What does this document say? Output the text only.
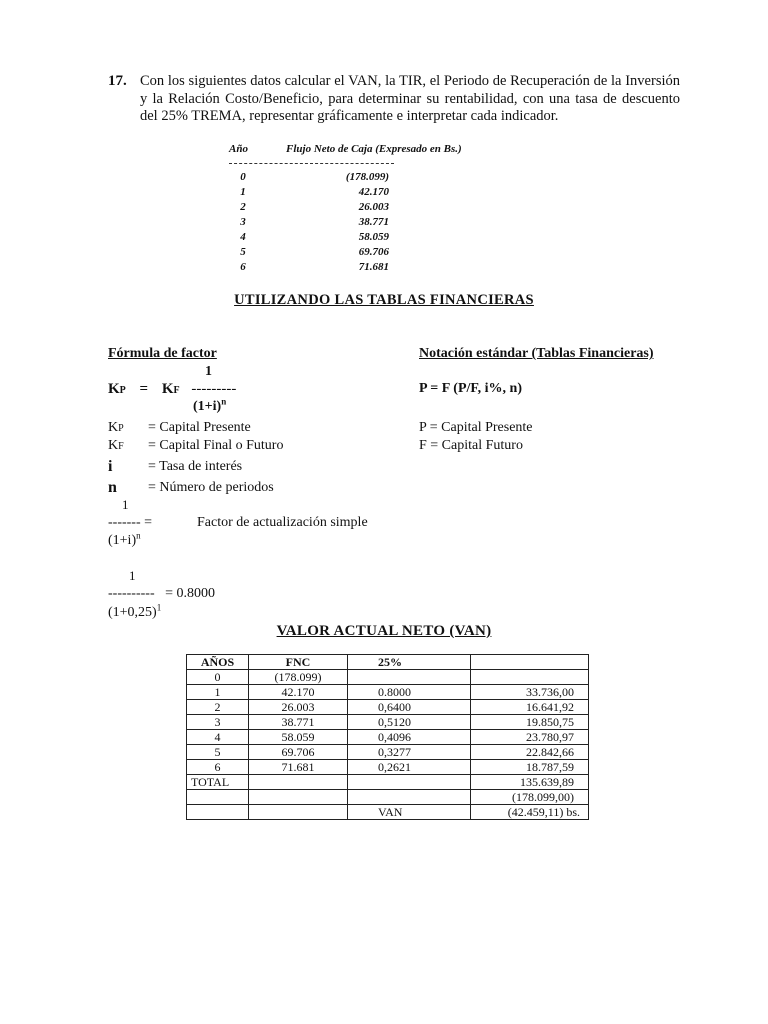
17. Con los siguientes datos calcular el VAN, la TIR, el Periodo de Recuperación de la Inversión y la Relación Costo/Beneficio, para determinar su rentabilidad, con una tasa de descuento del 25% TREMA, representar gráficamente e interpretar cada indicador.
Año	Flujo Neto de Caja (Expresado en Bs.)
0	(178.099)
1	42.170
2	26.003
3	38.771
4	58.059
5	69.706
6	71.681
UTILIZANDO LAS TABLAS FINANCIERAS
Fórmula de factor	Notación estándar (Tablas Financieras)
1
KP = KF ---------
$(1+i)^n$
P = F (P/F, i%, n)
KP = Capital Presente
KF = Capital Final o Futuro
i	= Tasa de interés
n = Número de periodos
P = Capital Presente
F = Capital Futuro
1
------- =	Factor de actualización simple
$(1+i)^n$
1
----------   = 0.8000
$(1+0,25)^1$
VALOR ACTUAL NETO (VAN)
AÑOS	FNC	25%	
0	(178.099)		
1	42.170	0.8000	33.736,00
2	26.003	0,6400	16.641,92
3	38.771	0,5120	19.850,75
4	58.059	0,4096	23.780,97
5	69.706	0,3277	22.842,66
6	71.681	0,2621	18.787,59
TOTAL			135.639,89
			(178.099,00)
		VAN	(42.459,11) bs.
